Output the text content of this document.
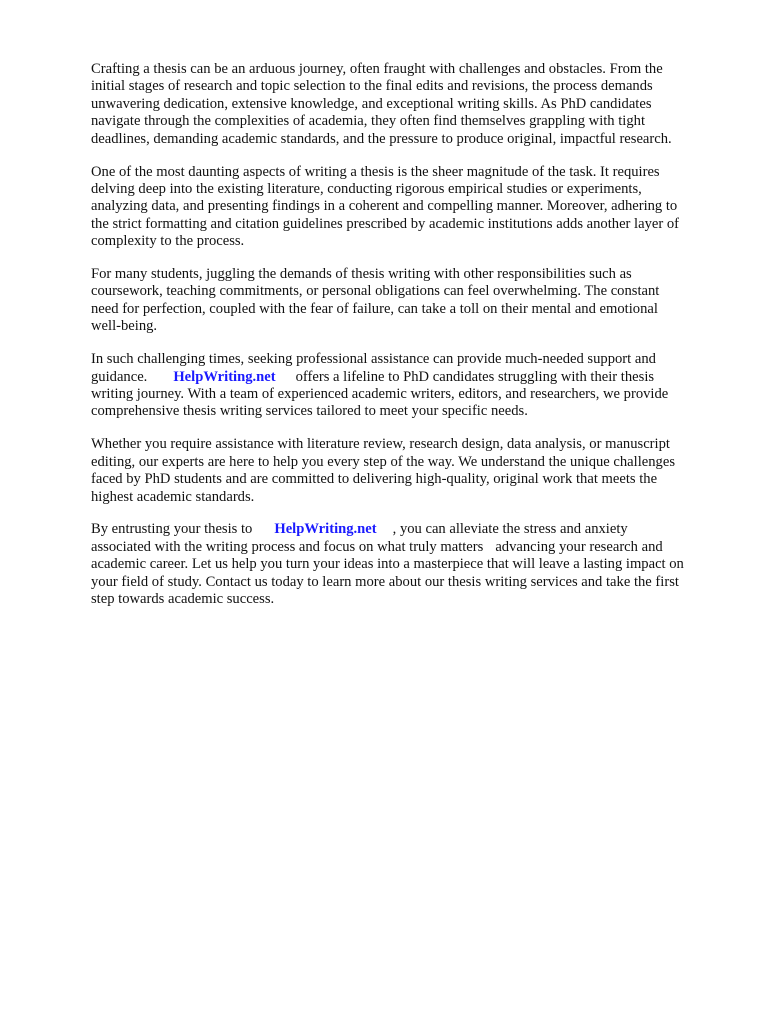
Crafting a thesis can be an arduous journey, often fraught with challenges and obstacles. From the
initial stages of research and topic selection to the final edits and revisions, the process demands
unwavering dedication, extensive knowledge, and exceptional writing skills. As PhD candidates
navigate through the complexities of academia, they often find themselves grappling with tight
deadlines, demanding academic standards, and the pressure to produce original, impactful research.

One of the most daunting aspects of writing a thesis is the sheer magnitude of the task. It requires
delving deep into the existing literature, conducting rigorous empirical studies or experiments,
analyzing data, and presenting findings in a coherent and compelling manner. Moreover, adhering to
the strict formatting and citation guidelines prescribed by academic institutions adds another layer of
complexity to the process.

For many students, juggling the demands of thesis writing with other responsibilities such as
coursework, teaching commitments, or personal obligations can feel overwhelming. The constant
need for perfection, coupled with the fear of failure, can take a toll on their mental and emotional
well-being.

In such challenging times, seeking professional assistance can provide much-needed support and
guidance. HelpWriting.net offers a lifeline to PhD candidates struggling with their thesis
writing journey. With a team of experienced academic writers, editors, and researchers, we provide
comprehensive thesis writing services tailored to meet your specific needs.

Whether you require assistance with literature review, research design, data analysis, or manuscript
editing, our experts are here to help you every step of the way. We understand the unique challenges
faced by PhD students and are committed to delivering high-quality, original work that meets the
highest academic standards.

By entrusting your thesis to HelpWriting.net , you can alleviate the stress and anxiety
associated with the writing process and focus on what truly matters advancing your research and
academic career. Let us help you turn your ideas into a masterpiece that will leave a lasting impact on
your field of study. Contact us today to learn more about our thesis writing services and take the first
step towards academic success.
